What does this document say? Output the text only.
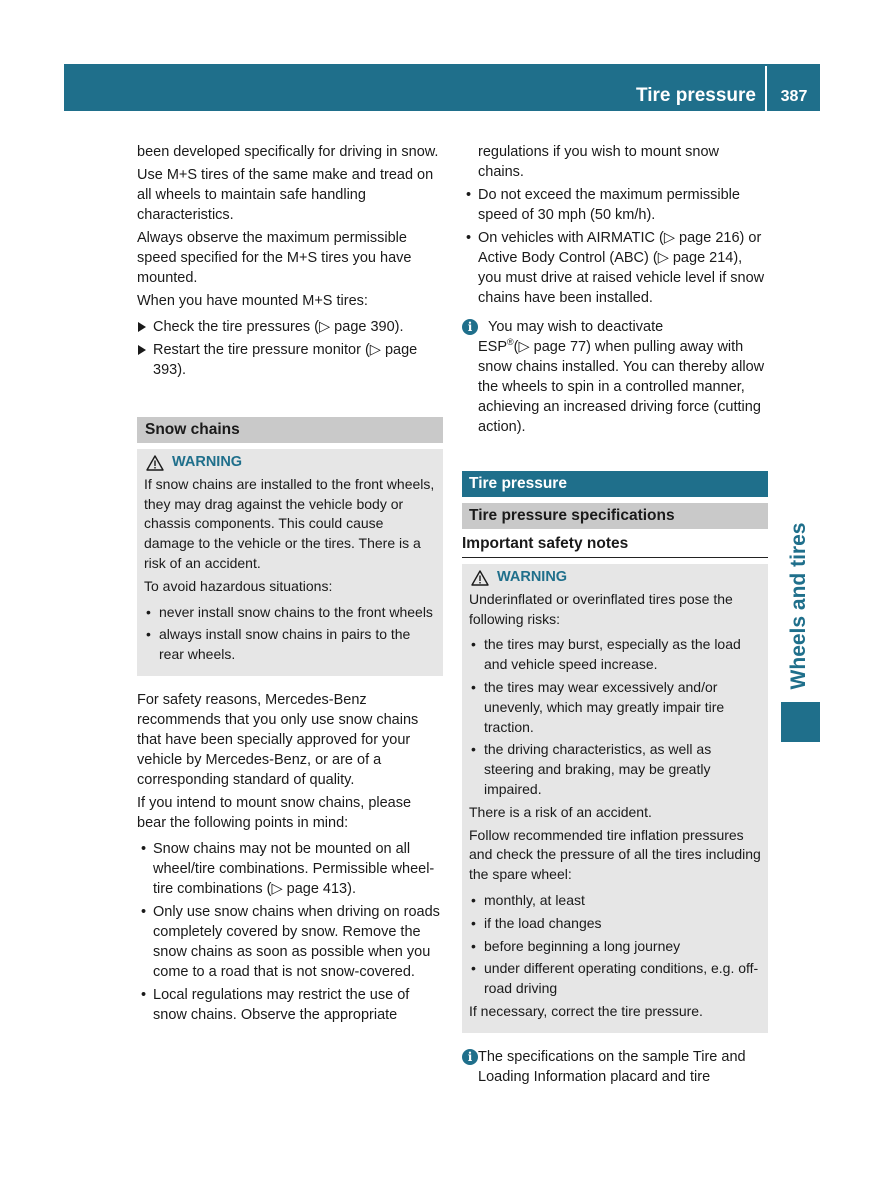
Tire pressure	387
Wheels and tires

been developed specifically for driving in snow.

Use M+S tires of the same make and tread on all wheels to maintain safe handling characteristics.

Always observe the maximum permissible speed specified for the M+S tires you have mounted.

When you have mounted M+S tires:

Check the tire pressures (▷ page 390).
Restart the tire pressure monitor (▷ page 393).
Snow chains
WARNING

If snow chains are installed to the front wheels, they may drag against the vehicle body or chassis components. This could cause damage to the vehicle or the tires. There is a risk of an accident.

To avoid hazardous situations:

• never install snow chains to the front wheels
• always install snow chains in pairs to the rear wheels.

For safety reasons, Mercedes-Benz recommends that you only use snow chains that have been specially approved for your vehicle by Mercedes-Benz, or are of a corresponding standard of quality.

If you intend to mount snow chains, please bear the following points in mind:

• Snow chains may not be mounted on all wheel/tire combinations. Permissible wheel-tire combinations (▷ page 413).
• Only use snow chains when driving on roads completely covered by snow. Remove the snow chains as soon as possible when you come to a road that is not snow-covered.
• Local regulations may restrict the use of snow chains. Observe the appropriate

regulations if you wish to mount snow chains.

• Do not exceed the maximum permissible speed of 30 mph (50 km/h).
• On vehicles with AIRMATIC (▷ page 216) or Active Body Control (ABC) (▷ page 214), you must drive at raised vehicle level if snow chains have been installed.
i	You may wish to deactivate
ESP®(▷ page 77) when pulling away with snow chains installed. You can thereby allow the wheels to spin in a controlled manner, achieving an increased driving force (cutting action).
Tire pressure
Tire pressure specifications
Important safety notes
WARNING

Underinflated or overinflated tires pose the following risks:

• the tires may burst, especially as the load and vehicle speed increase.
• the tires may wear excessively and/or unevenly, which may greatly impair tire traction.
• the driving characteristics, as well as steering and braking, may be greatly impaired.

There is a risk of an accident.

Follow recommended tire inflation pressures and check the pressure of all the tires including the spare wheel:

• monthly, at least
• if the load changes
• before beginning a long journey
• under different operating conditions, e.g. off-road driving

If necessary, correct the tire pressure.

i The specifications on the sample Tire and Loading Information placard and tire
